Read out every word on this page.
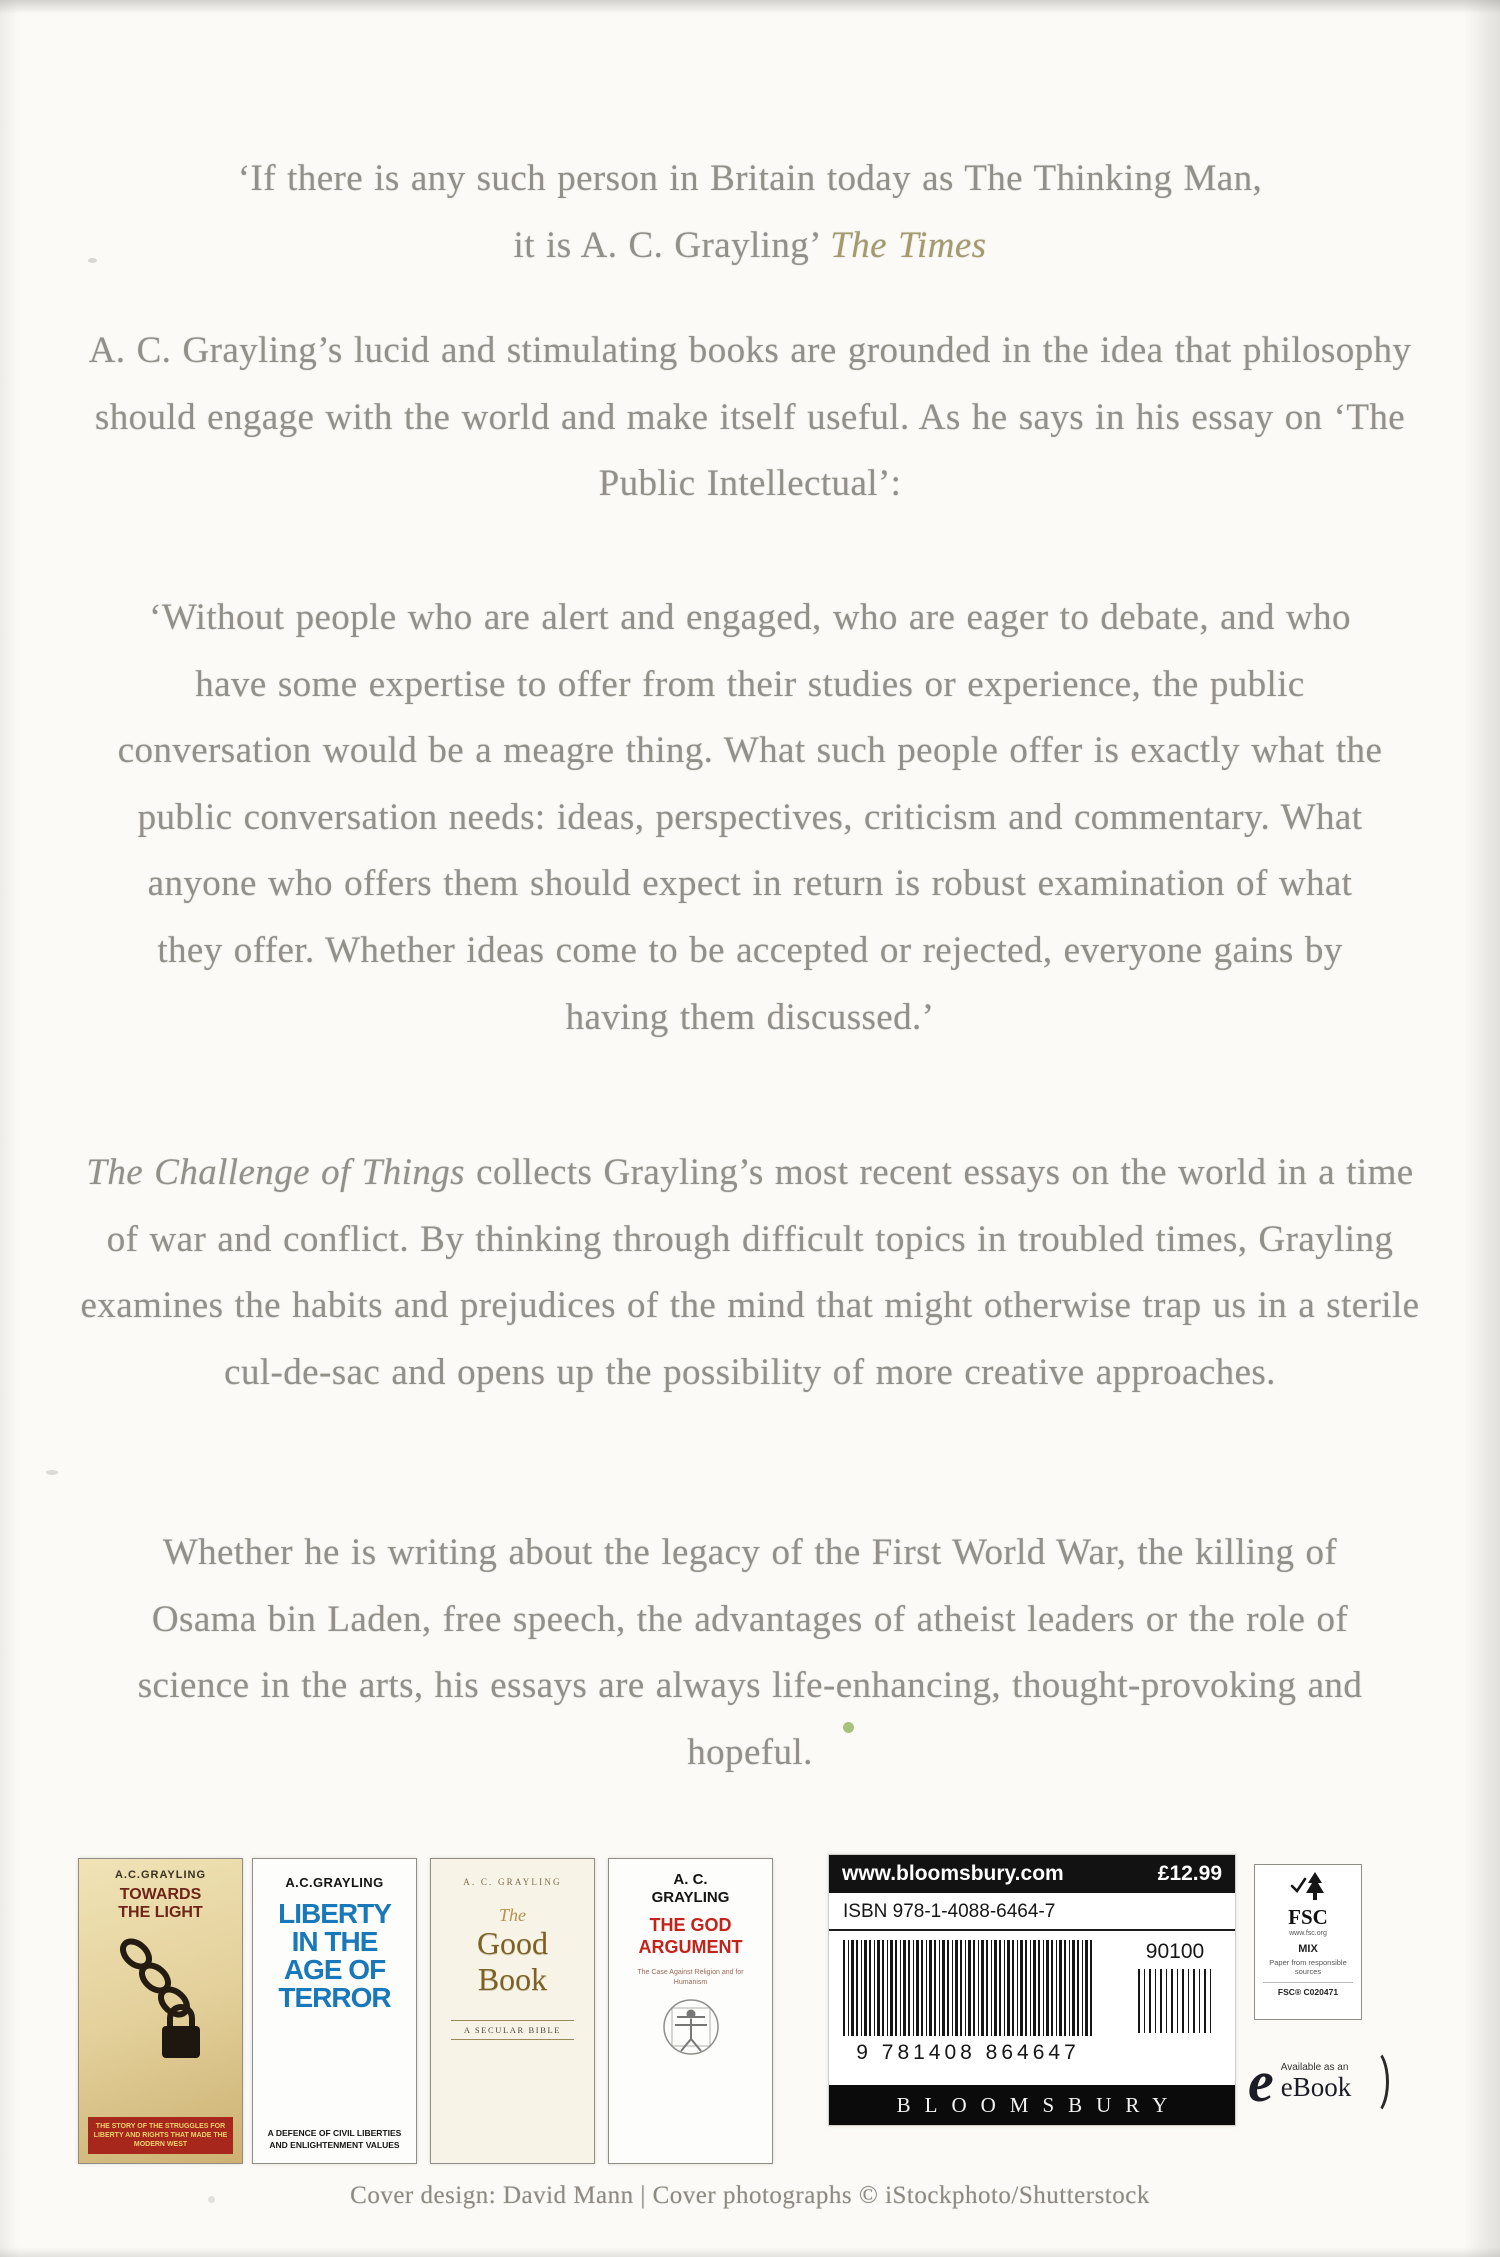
‘If there is any such person in Britain today as The Thinking Man,
it is A. C. Grayling’ The Times
A. C. Grayling’s lucid and stimulating books are grounded in the idea that philosophy should engage with the world and make itself useful. As he says in his essay on ‘The Public Intellectual’:
‘Without people who are alert and engaged, who are eager to debate, and who have some expertise to offer from their studies or experience, the public conversation would be a meagre thing. What such people offer is exactly what the public conversation needs: ideas, perspectives, criticism and commentary. What anyone who offers them should expect in return is robust examination of what they offer. Whether ideas come to be accepted or rejected, everyone gains by having them discussed.’
The Challenge of Things collects Grayling’s most recent essays on the world in a time of war and conflict. By thinking through difficult topics in troubled times, Grayling examines the habits and prejudices of the mind that might otherwise trap us in a sterile cul-de-sac and opens up the possibility of more creative approaches.
Whether he is writing about the legacy of the First World War, the killing of Osama bin Laden, free speech, the advantages of atheist leaders or the role of science in the arts, his essays are always life-enhancing, thought-provoking and hopeful.
A.C.GRAYLING
TOWARDS THE LIGHT
THE STORY OF THE STRUGGLES FOR LIBERTY AND RIGHTS THAT MADE THE MODERN WEST
A.C.GRAYLING
LIBERTY
IN THE
AGE OF
TERROR
A DEFENCE OF CIVIL LIBERTIES AND ENLIGHTENMENT VALUES
A. C. GRAYLING
The
Good
Book
A SECULAR BIBLE
A. C.
GRAYLING
THE GOD
ARGUMENT
The Case Against Religion and for Humanism
www.bloomsbury.com	£12.99
ISBN 978-1-4088-6464-7
90100
9 781408 864647
BLOOMSBURY
FSC
www.fsc.org
MIX
Paper from responsible sources
FSC® C020471
e Available as an
eBook
Cover design: David Mann | Cover photographs © iStockphoto/Shutterstock
